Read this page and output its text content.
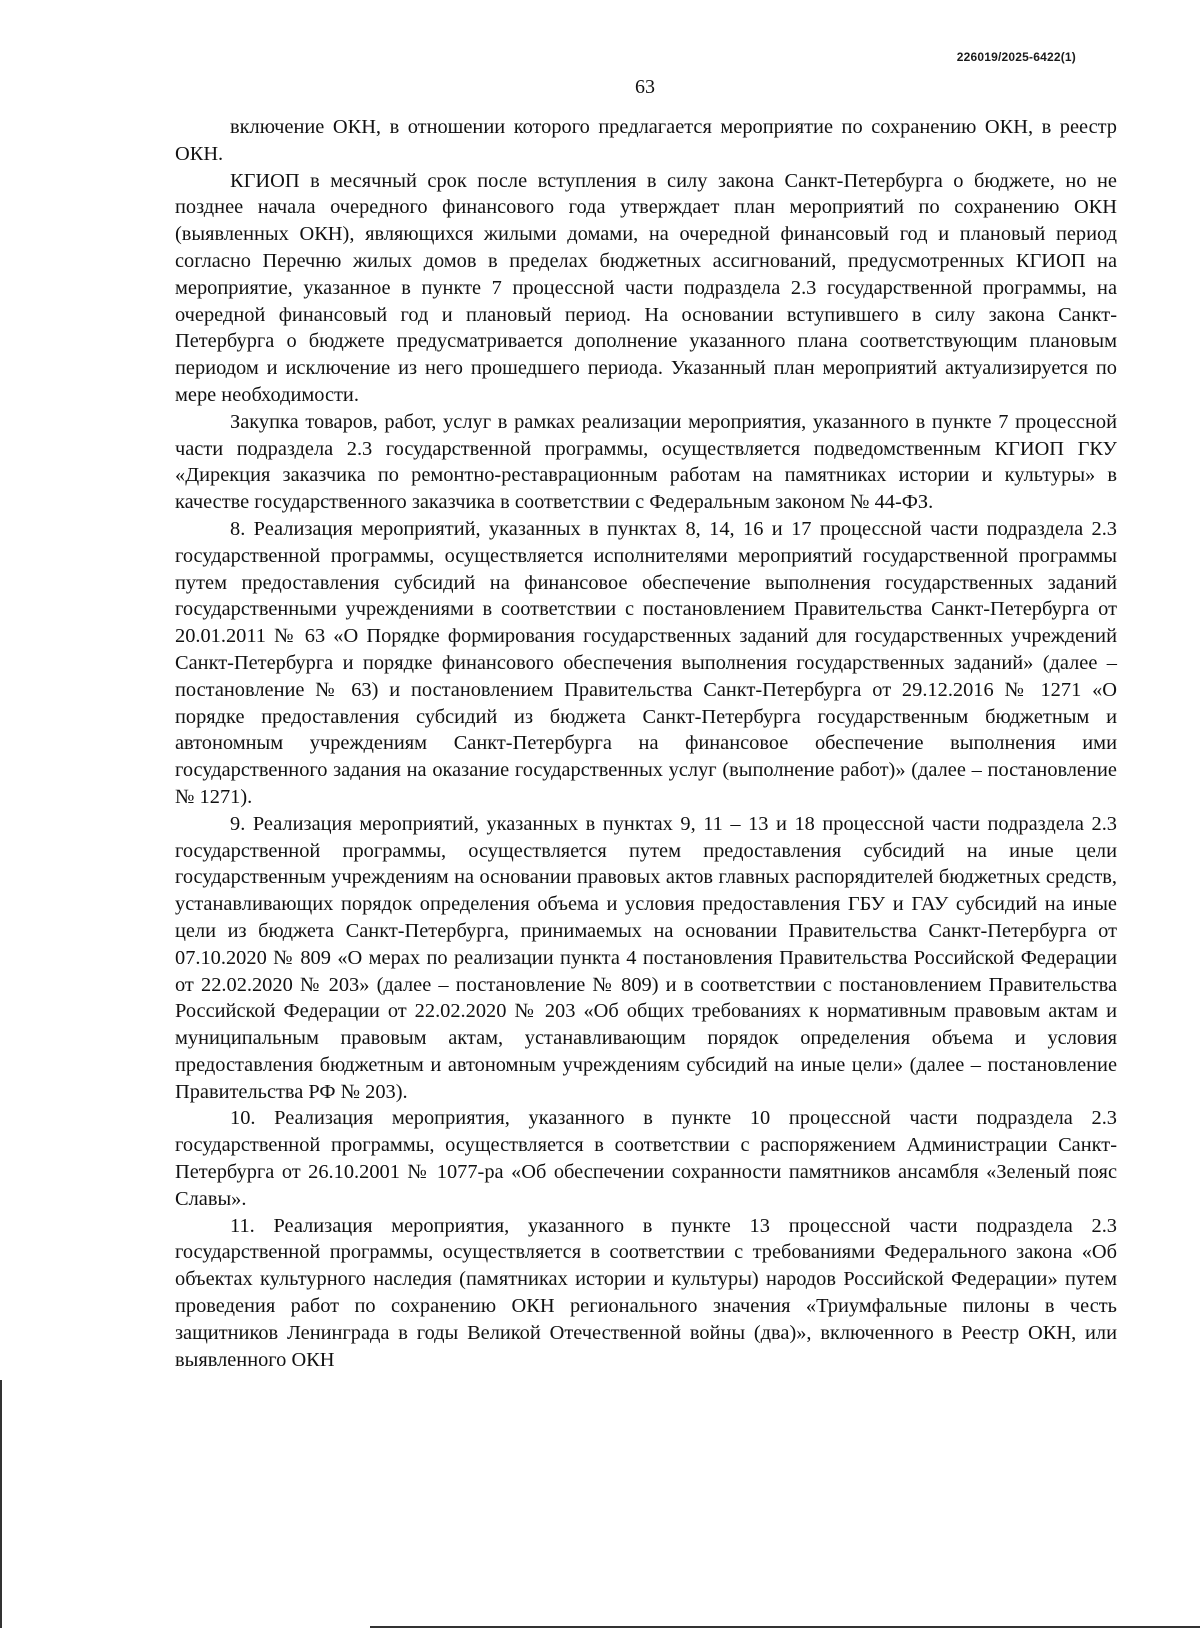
226019/2025-6422(1)
63

включение ОКН, в отношении которого предлагается мероприятие по сохранению ОКН, в реестр ОКН.

КГИОП в месячный срок после вступления в силу закона Санкт-Петербурга о бюджете, но не позднее начала очередного финансового года утверждает план мероприятий по сохранению ОКН (выявленных ОКН), являющихся жилыми домами, на очередной финансовый год и плановый период согласно Перечню жилых домов в пределах бюджетных ассигнований, предусмотренных КГИОП на мероприятие, указанное в пункте 7 процессной части подраздела 2.3 государственной программы, на очередной финансовый год и плановый период. На основании вступившего в силу закона Санкт-Петербурга о бюджете предусматривается дополнение указанного плана соответствующим плановым периодом и исключение из него прошедшего периода. Указанный план мероприятий актуализируется по мере необходимости.

Закупка товаров, работ, услуг в рамках реализации мероприятия, указанного в пункте 7 процессной части подраздела 2.3 государственной программы, осуществляется подведомственным КГИОП ГКУ «Дирекция заказчика по ремонтно-реставрационным работам на памятниках истории и культуры» в качестве государственного заказчика в соответствии с Федеральным законом № 44-ФЗ.

8. Реализация мероприятий, указанных в пунктах 8, 14, 16 и 17 процессной части подраздела 2.3 государственной программы, осуществляется исполнителями мероприятий государственной программы путем предоставления субсидий на финансовое обеспечение выполнения государственных заданий государственными учреждениями в соответствии с постановлением Правительства Санкт-Петербурга от 20.01.2011 № 63 «О Порядке формирования государственных заданий для государственных учреждений Санкт-Петербурга и порядке финансового обеспечения выполнения государственных заданий» (далее – постановление № 63) и постановлением Правительства Санкт-Петербурга от 29.12.2016 № 1271 «О порядке предоставления субсидий из бюджета Санкт-Петербурга государственным бюджетным и автономным учреждениям Санкт-Петербурга на финансовое обеспечение выполнения ими государственного задания на оказание государственных услуг (выполнение работ)» (далее – постановление № 1271).

9. Реализация мероприятий, указанных в пунктах 9, 11 – 13 и 18 процессной части подраздела 2.3 государственной программы, осуществляется путем предоставления субсидий на иные цели государственным учреждениям на основании правовых актов главных распорядителей бюджетных средств, устанавливающих порядок определения объема и условия предоставления ГБУ и ГАУ субсидий на иные цели из бюджета Санкт-Петербурга, принимаемых на основании Правительства Санкт-Петербурга от 07.10.2020 № 809 «О мерах по реализации пункта 4 постановления Правительства Российской Федерации от 22.02.2020 № 203» (далее – постановление № 809) и в соответствии с постановлением Правительства Российской Федерации от 22.02.2020 № 203 «Об общих требованиях к нормативным правовым актам и муниципальным правовым актам, устанавливающим порядок определения объема и условия предоставления бюджетным и автономным учреждениям субсидий на иные цели» (далее – постановление Правительства РФ № 203).

10. Реализация мероприятия, указанного в пункте 10 процессной части подраздела 2.3 государственной программы, осуществляется в соответствии с распоряжением Администрации Санкт-Петербурга от 26.10.2001 № 1077-ра «Об обеспечении сохранности памятников ансамбля «Зеленый пояс Славы».

11. Реализация мероприятия, указанного в пункте 13 процессной части подраздела 2.3 государственной программы, осуществляется в соответствии с требованиями Федерального закона «Об объектах культурного наследия (памятниках истории и культуры) народов Российской Федерации» путем проведения работ по сохранению ОКН регионального значения «Триумфальные пилоны в честь защитников Ленинграда в годы Великой Отечественной войны (два)», включенного в Реестр ОКН, или выявленного ОКН
